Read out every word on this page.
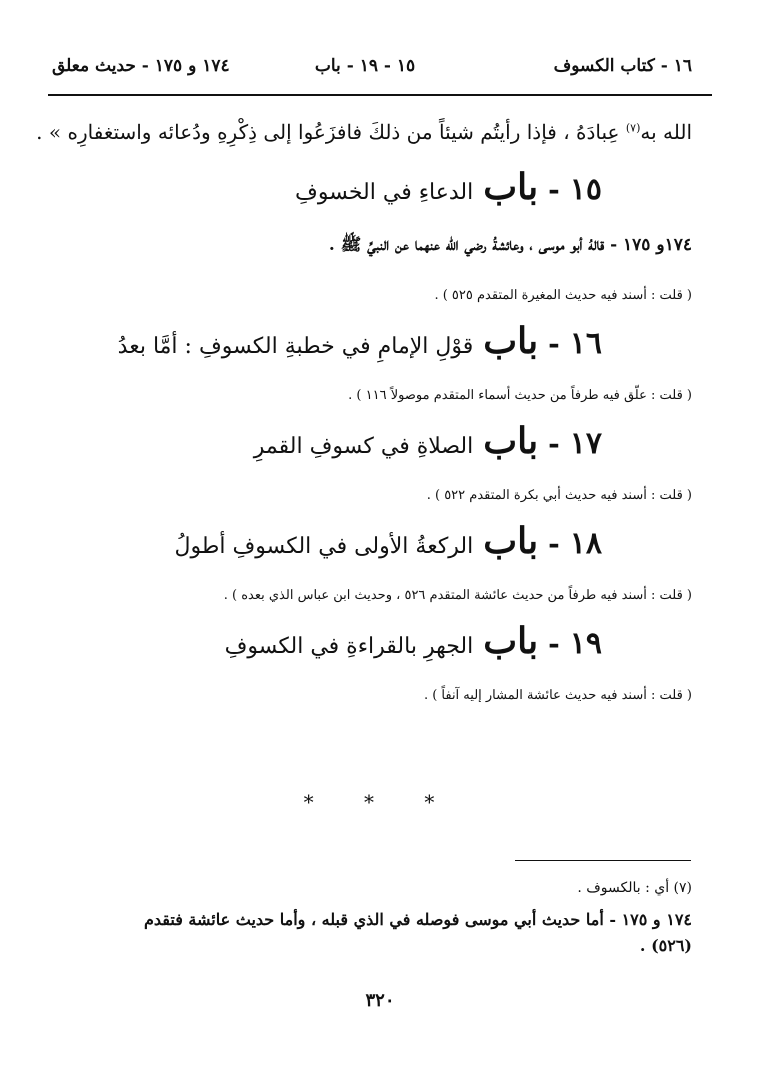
١٦ - كتاب الكسوف
١٥ - ١٩ - باب
١٧٤ و ١٧٥ - حديث معلق
الله به$^{(٧)}$ عِبادَهُ ، فإذا رأيتُم شيئاً من ذلكَ فافزَعُوا إلى ذِكْرِهِ ودُعائه واستغفارِه » .
١٥
-
باب
الدعاءِ في الخسوفِ
١٧٤و ١٧٥ - قالهُ أبو موسى ، وعائشةُ رضي الله عنهما عن النبيِّ ﷺ .
( قلت : أسند فيه حديث المغيرة المتقدم ٥٢٥ ) .
١٦
-
باب
قوْلِ الإمامِ في خطبةِ الكسوفِ : أمَّا بعدُ
( قلت : علّق فيه طرفاً من حديث أسماء المتقدم موصولاً ١١٦ ) .
١٧
-
باب
الصلاةِ في كسوفِ القمرِ
( قلت : أسند فيه حديث أبي بكرة المتقدم ٥٢٢ ) .
١٨
-
باب
الركعةُ الأولى في الكسوفِ أطولُ
( قلت : أسند فيه طرفاً من حديث عائشة المتقدم ٥٢٦ ، وحديث ابن عباس الذي بعده ) .
١٩
-
باب
الجهرِ بالقراءةِ في الكسوفِ
( قلت : أسند فيه حديث عائشة المشار إليه آنفاً ) .
* * *
(٧) أي : بالكسوف .
١٧٤ و ١٧٥ - أما حديث أبي موسى فوصله في الذي قبله ، وأما حديث عائشة فتقدم
(٥٢٦) .
٣٢٠
